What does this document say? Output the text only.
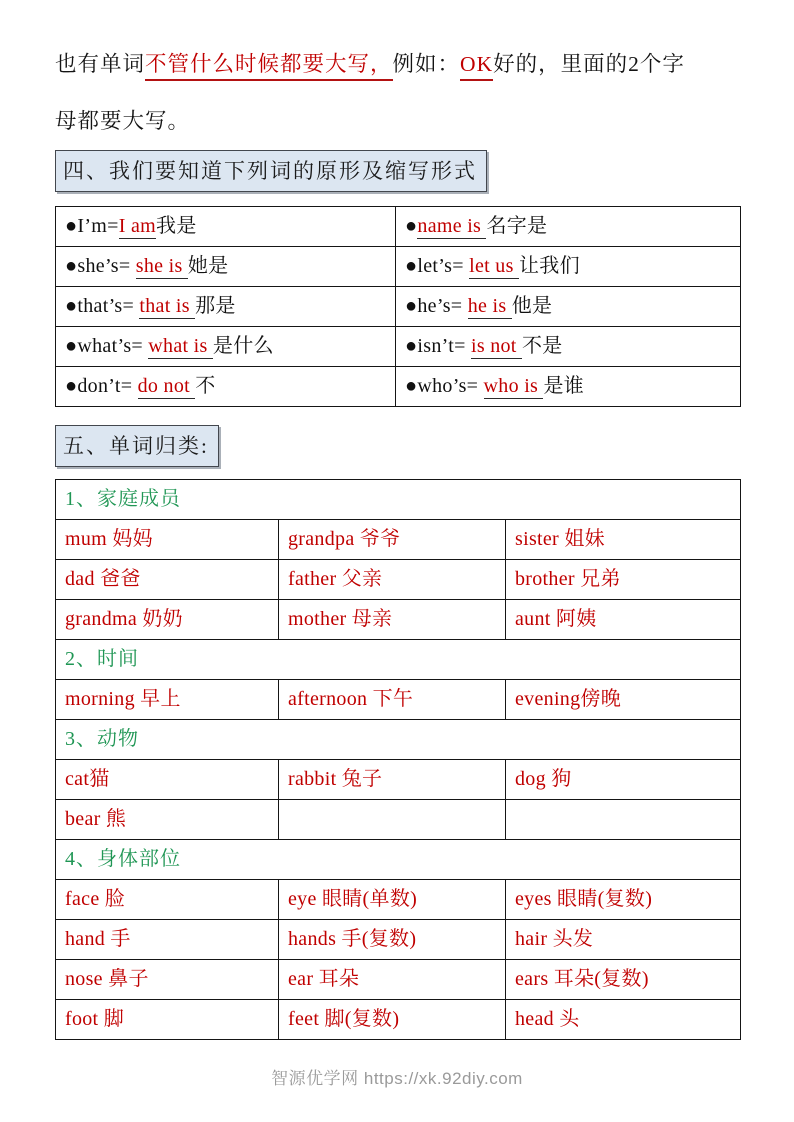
也有单词不管什么时候都要大写，例如：OK好的，里面的2个字
母都要大写。

四、我们要知道下列词的原形及缩写形式
●I’m=I am我是	●name is 名字是
●she’s= she is 她是	●let’s= let us 让我们
●that’s= that is 那是	●he’s= he is 他是
●what’s= what is 是什么	●isn’t= is not 不是
●don’t= do not 不	●who’s= who is 是谁
五、单词归类:
1、家庭成员		
mum 妈妈	grandpa 爷爷	sister 姐妹
dad 爸爸	father 父亲	brother 兄弟
grandma 奶奶	mother 母亲	aunt 阿姨
2、时间		
morning 早上	afternoon 下午	evening傍晚
3、动物		
cat猫	rabbit 兔子	dog 狗
bear 熊		
4、身体部位		
face 脸	eye 眼睛(单数)	eyes 眼睛(复数)
hand 手	hands 手(复数)	hair 头发
nose 鼻子	ear 耳朵	ears 耳朵(复数)
foot 脚	feet 脚(复数)	head 头
智源优学网 https://xk.92diy.com
